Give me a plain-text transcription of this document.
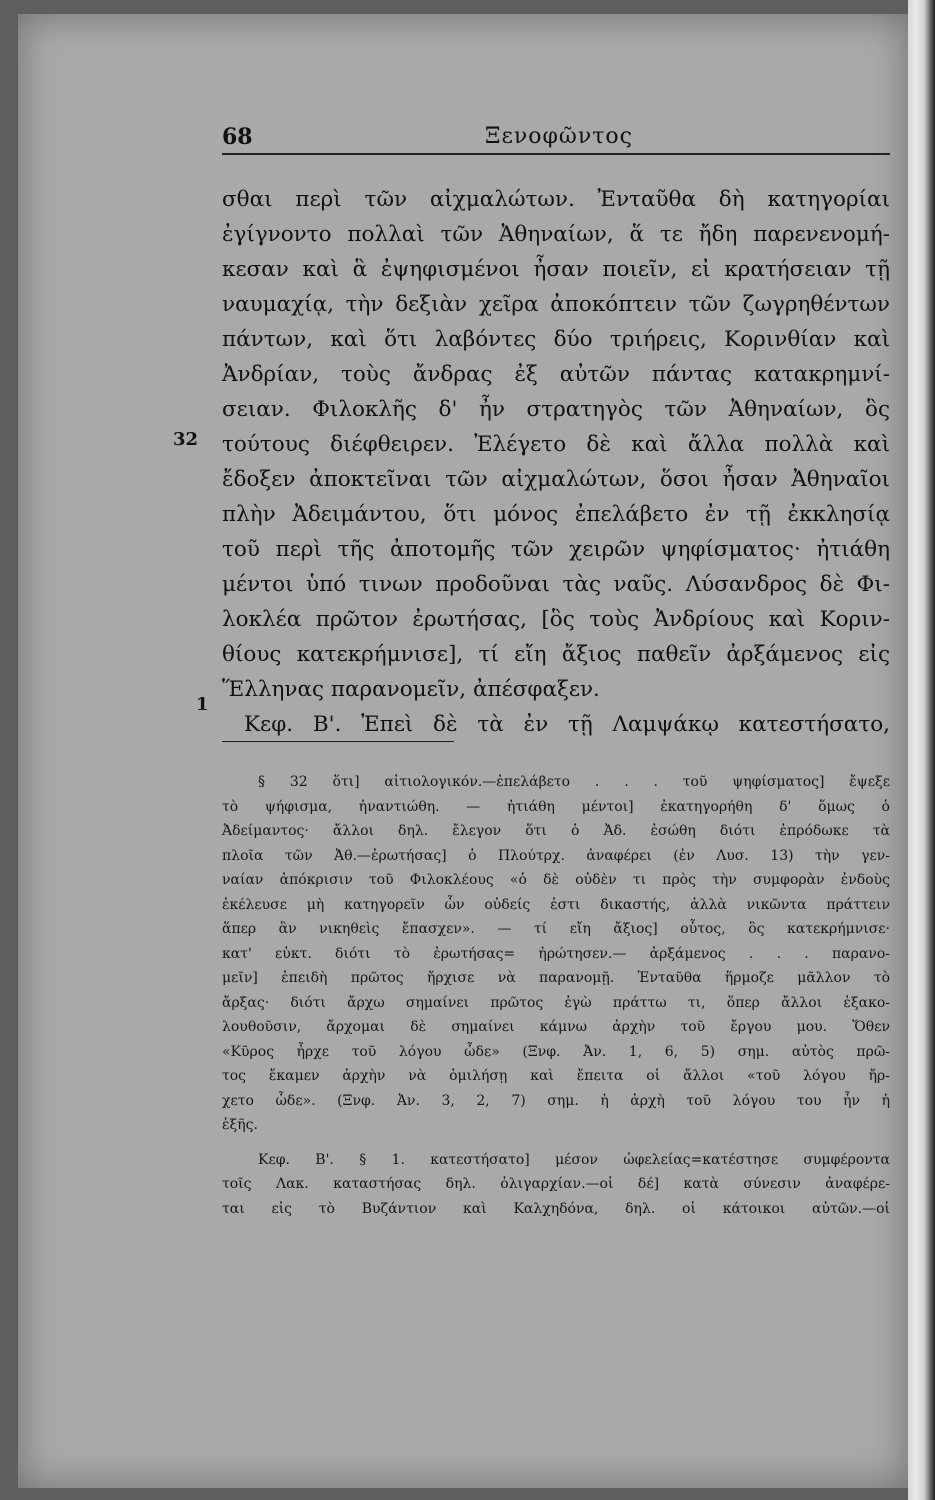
68	Ξενοφῶντος
32
1
σθαι περὶ τῶν αἰχμαλώτων. Ἐνταῦθα δὴ κατηγορίαι
ἐγίγνοντο πολλαὶ τῶν Ἀθηναίων, ἅ τε ἤδη παρενενομή-
κεσαν καὶ ἃ ἐψηφισμένοι ἦσαν ποιεῖν, εἰ κρατήσειαν τῇ
ναυμαχίᾳ, τὴν δεξιὰν χεῖρα ἀποκόπτειν τῶν ζωγρηθέντων
πάντων, καὶ ὅτι λαβόντες δύο τριήρεις, Κορινθίαν καὶ
Ἀνδρίαν, τοὺς ἄνδρας ἐξ αὐτῶν πάντας κατακρημνί-
σειαν. Φιλοκλῆς δ' ἦν στρατηγὸς τῶν Ἀθηναίων, ὃς
τούτους διέφθειρεν. Ἐλέγετο δὲ καὶ ἄλλα πολλὰ καὶ
ἔδοξεν ἀποκτεῖναι τῶν αἰχμαλώτων, ὅσοι ἦσαν Ἀθηναῖοι
πλὴν Ἀδειμάντου, ὅτι μόνος ἐπελάβετο ἐν τῇ ἐκκλησίᾳ
τοῦ περὶ τῆς ἀποτομῆς τῶν χειρῶν ψηφίσματος· ἠτιάθη
μέντοι ὑπό τινων προδοῦναι τὰς ναῦς. Λύσανδρος δὲ Φι-
λοκλέα πρῶτον ἐρωτήσας, [ὃς τοὺς Ἀνδρίους καὶ Κοριν-
θίους κατεκρήμνισε], τί εἴη ἄξιος παθεῖν ἀρξάμενος εἰς
Ἕλληνας παρανομεῖν, ἀπέσφαξεν.
Κεφ. Β'. Ἐπεὶ δὲ τὰ ἐν τῇ Λαμψάκῳ κατεστήσατο,
§ 32 ὅτι] αἰτιολογικόν.—ἐπελάβετο . . . τοῦ ψηφίσματος] ἔψεξε
τὸ ψήφισμα, ἠναντιώθη. — ἠτιάθη μέντοι] ἐκατηγορήθη δ' ὅμως ὁ
Ἀδείμαντος· ἄλλοι δηλ. ἔλεγον ὅτι ὁ Ἀδ. ἐσώθη διότι ἐπρόδωκε τὰ
πλοῖα τῶν Ἀθ.—ἐρωτήσας] ὁ Πλούτρχ. ἀναφέρει (ἐν Λυσ. 13) τὴν γεν-
ναίαν ἀπόκρισιν τοῦ Φιλοκλέους «ὁ δὲ οὐδὲν τι πρὸς τὴν συμφορὰν ἐνδοὺς
ἐκέλευσε μὴ κατηγορεῖν ὧν οὐδείς ἐστι δικαστής, ἀλλὰ νικῶντα πράττειν
ἅπερ ἂν νικηθεὶς ἔπασχεν». — τί εἴη ἄξιος] οὗτος, ὃς κατεκρήμνισε·
κατ' εὐκτ. διότι τὸ ἐρωτήσας= ἠρώτησεν.— ἀρξάμενος . . . παρανο-
μεῖν] ἐπειδὴ πρῶτος ἤρχισε νὰ παρανομῇ. Ἐνταῦθα ἥρμοζε μᾶλλον τὸ
ἄρξας· διότι ἄρχω σημαίνει πρῶτος ἐγὼ πράττω τι, ὅπερ ἄλλοι ἐξακο-
λουθοῦσιν, ἄρχομαι δὲ σημαίνει κάμνω ἀρχὴν τοῦ ἔργου μου. Ὅθεν
«Κῦρος ἦρχε τοῦ λόγου ὧδε» (Ξνφ. Ἀν. 1, 6, 5) σημ. αὐτὸς πρῶ-
τος ἔκαμεν ἀρχὴν νὰ ὁμιλήσῃ καὶ ἔπειτα οἱ ἄλλοι «τοῦ λόγου ἤρ-
χετο ὧδε». (Ξνφ. Ἀν. 3, 2, 7) σημ. ἡ ἀρχὴ τοῦ λόγου του ἦν ἡ
ἑξῆς.
Κεφ. Β'. § 1. κατεστήσατο] μέσον ὠφελείας=κατέστησε συμφέροντα
τοῖς Λακ. καταστήσας δηλ. ὀλιγαρχίαν.—οἱ δέ] κατὰ σύνεσιν ἀναφέρε-
ται εἰς τὸ Βυζάντιον καὶ Καλχηδόνα, δηλ. οἱ κάτοικοι αὐτῶν.—οἱ
